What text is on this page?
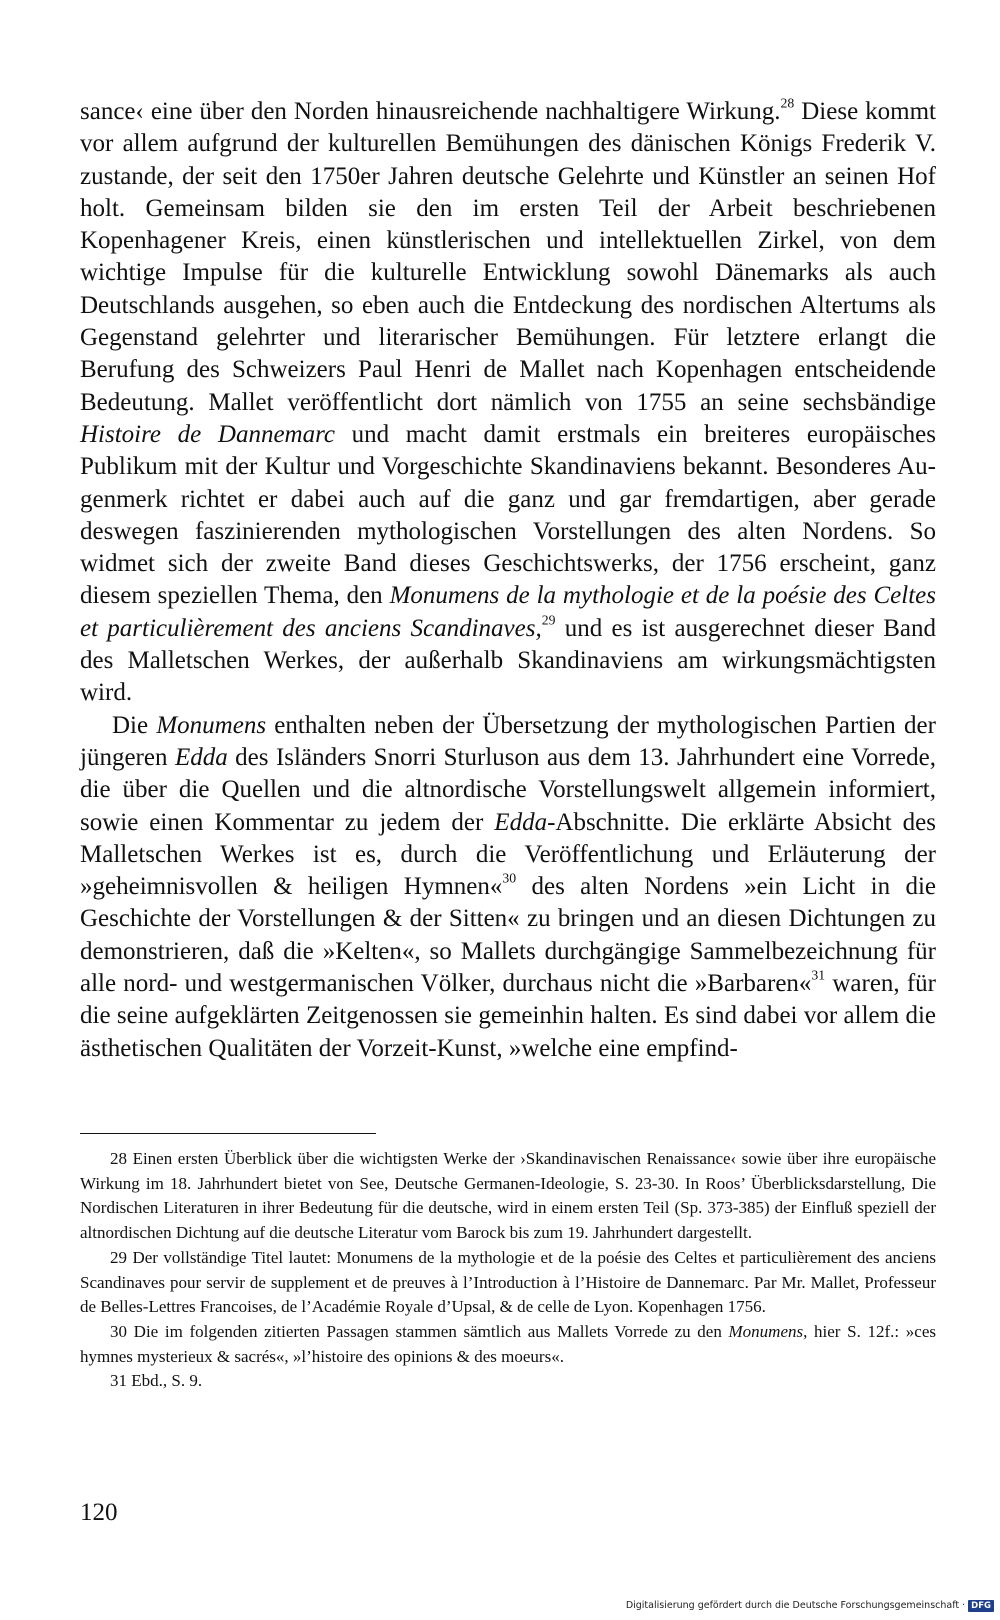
sance‹ eine über den Norden hinausreichende nachhaltigere Wirkung.$^{28}$ Diese kommt vor allem aufgrund der kulturellen Bemühungen des dänischen Königs Frederik V. zustande, der seit den 1750er Jahren deutsche Gelehrte und Künstler an seinen Hof holt. Gemeinsam bilden sie den im ersten Teil der Arbeit beschriebenen Kopenhagener Kreis, einen künstlerischen und intellektuellen Zirkel, von dem wichtige Impulse für die kulturelle Entwicklung sowohl Dänemarks als auch Deutschlands ausgehen, so eben auch die Entdeckung des nordischen Altertums als Gegenstand gelehrter und literarischer Bemühungen. Für letztere erlangt die Berufung des Schweizers Paul Henri de Mallet nach Kopenhagen entscheidende Bedeutung. Mallet veröffentlicht dort nämlich von 1755 an seine sechsbändige Histoire de Dannemarc und macht damit erstmals ein breiteres europäisches Publikum mit der Kultur und Vorgeschichte Skandinaviens bekannt. Besonderes Augenmerk richtet er dabei auch auf die ganz und gar fremdartigen, aber gerade deswegen faszinierenden mythologischen Vorstellungen des alten Nordens. So widmet sich der zweite Band dieses Geschichtswerks, der 1756 erscheint, ganz diesem speziellen Thema, den Monumens de la mythologie et de la poésie des Celtes et particulièrement des anciens Scandinaves,$^{29}$ und es ist ausgerechnet dieser Band des Malletschen Werkes, der außerhalb Skandinaviens am wirkungsmächtigsten wird.

Die Monumens enthalten neben der Übersetzung der mythologischen Partien der jüngeren Edda des Isländers Snorri Sturluson aus dem 13. Jahrhundert eine Vorrede, die über die Quellen und die altnordische Vorstellungswelt allgemein informiert, sowie einen Kommentar zu jedem der Edda-Abschnitte. Die erklärte Absicht des Malletschen Werkes ist es, durch die Veröffentlichung und Erläuterung der »geheimnisvollen & heiligen Hymnen«$^{30}$ des alten Nordens »ein Licht in die Geschichte der Vorstellungen & der Sitten« zu bringen und an diesen Dichtungen zu demonstrieren, daß die »Kelten«, so Mallets durchgängige Sammelbezeichnung für alle nord- und westgermanischen Völker, durchaus nicht die »Barbaren«$^{31}$ waren, für die seine aufgeklärten Zeitgenossen sie gemeinhin halten. Es sind dabei vor allem die ästhetischen Qualitäten der Vorzeit-Kunst, »welche eine empfind-

28 Einen ersten Überblick über die wichtigsten Werke der ›Skandinavischen Renaissance‹ sowie über ihre europäische Wirkung im 18. Jahrhundert bietet von See, Deutsche Germanen-Ideologie, S. 23-30. In Roos’ Überblicksdarstellung, Die Nordischen Literaturen in ihrer Bedeutung für die deutsche, wird in einem ersten Teil (Sp. 373-385) der Einfluß speziell der altnordischen Dichtung auf die deutsche Literatur vom Barock bis zum 19. Jahrhundert dargestellt.

29 Der vollständige Titel lautet: Monumens de la mythologie et de la poésie des Celtes et particulièrement des anciens Scandinaves pour servir de supplement et de preuves à l’Introduction à l’Histoire de Dannemarc. Par Mr. Mallet, Professeur de Belles-Lettres Francoises, de l’Académie Royale d’Upsal, & de celle de Lyon. Kopenhagen 1756.

30 Die im folgenden zitierten Passagen stammen sämtlich aus Mallets Vorrede zu den Monumens, hier S. 12f.: »ces hymnes mysterieux & sacrés«, »l’histoire des opinions & des moeurs«.

31 Ebd., S. 9.

120
Digitalisierung gefördert durch die Deutsche Forschungsgemeinschaft · DFG
